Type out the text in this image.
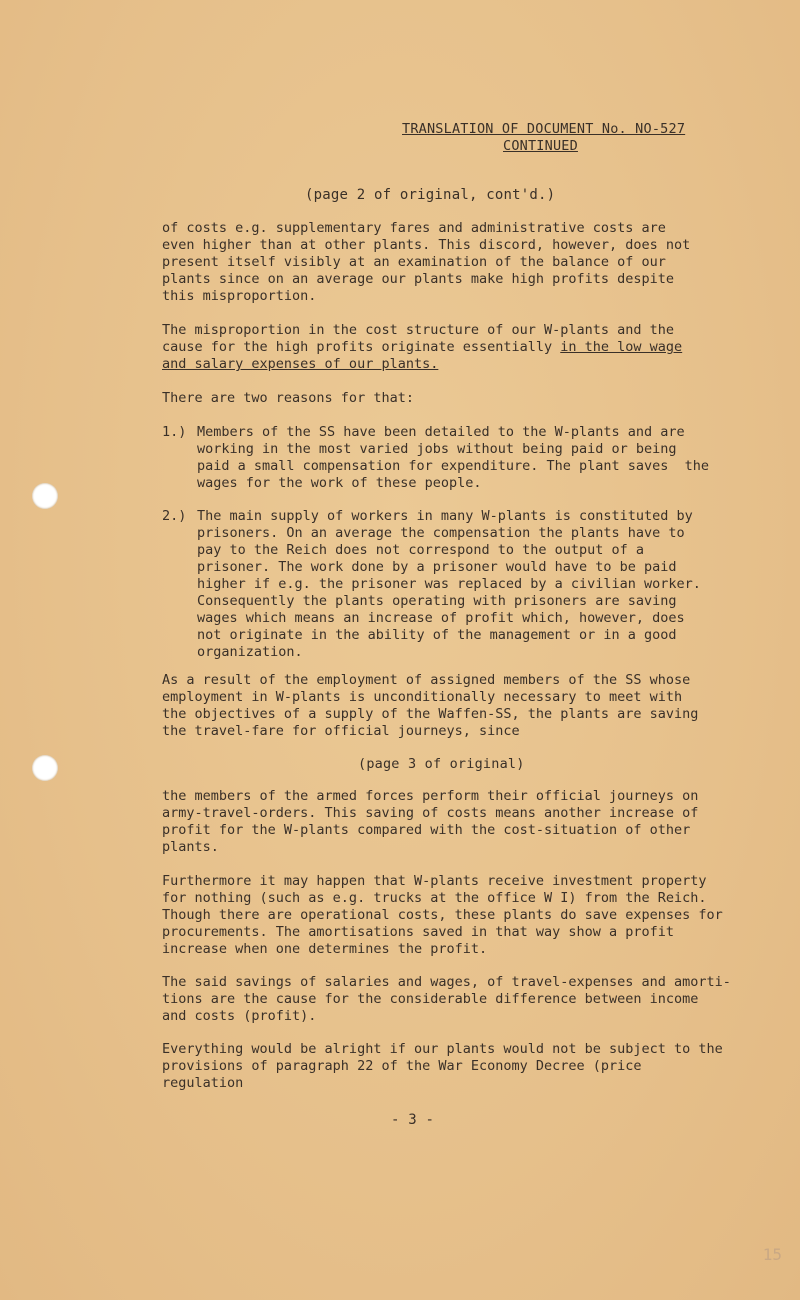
TRANSLATION OF DOCUMENT No. NO-527
CONTINUED
(page 2 of original, cont'd.)
of costs e.g. supplementary fares and administrative costs are
even higher than at other plants. This discord, however, does not
present itself visibly at an examination of the balance of our
plants since on an average our plants make high profits despite
this misproportion.
The misproportion in the cost structure of our W-plants and the
cause for the high profits originate essentially in the low wage
and salary expenses of our plants.
There are two reasons for that:
1.) Members of the SS have been detailed to the W-plants and are
working in the most varied jobs without being paid or being
paid a small compensation for expenditure. The plant saves  the
wages for the work of these people.
2.) The main supply of workers in many W-plants is constituted by
prisoners. On an average the compensation the plants have to
pay to the Reich does not correspond to the output of a
prisoner. The work done by a prisoner would have to be paid
higher if e.g. the prisoner was replaced by a civilian worker.
Consequently the plants operating with prisoners are saving
wages which means an increase of profit which, however, does
not originate in the ability of the management or in a good
organization.
As a result of the employment of assigned members of the SS whose
employment in W-plants is unconditionally necessary to meet with
the objectives of a supply of the Waffen-SS, the plants are saving
the travel-fare for official journeys, since
(page 3 of original)
the members of the armed forces perform their official journeys on
army-travel-orders. This saving of costs means another increase of
profit for the W-plants compared with the cost-situation of other
plants.
Furthermore it may happen that W-plants receive investment property
for nothing (such as e.g. trucks at the office W I) from the Reich.
Though there are operational costs, these plants do save expenses for
procurements. The amortisations saved in that way show a profit
increase when one determines the profit.
The said savings of salaries and wages, of travel-expenses and amorti-
tions are the cause for the considerable difference between income
and costs (profit).
Everything would be alright if our plants would not be subject to the
provisions of paragraph 22 of the War Economy Decree (price
regulation
- 3 -
15
